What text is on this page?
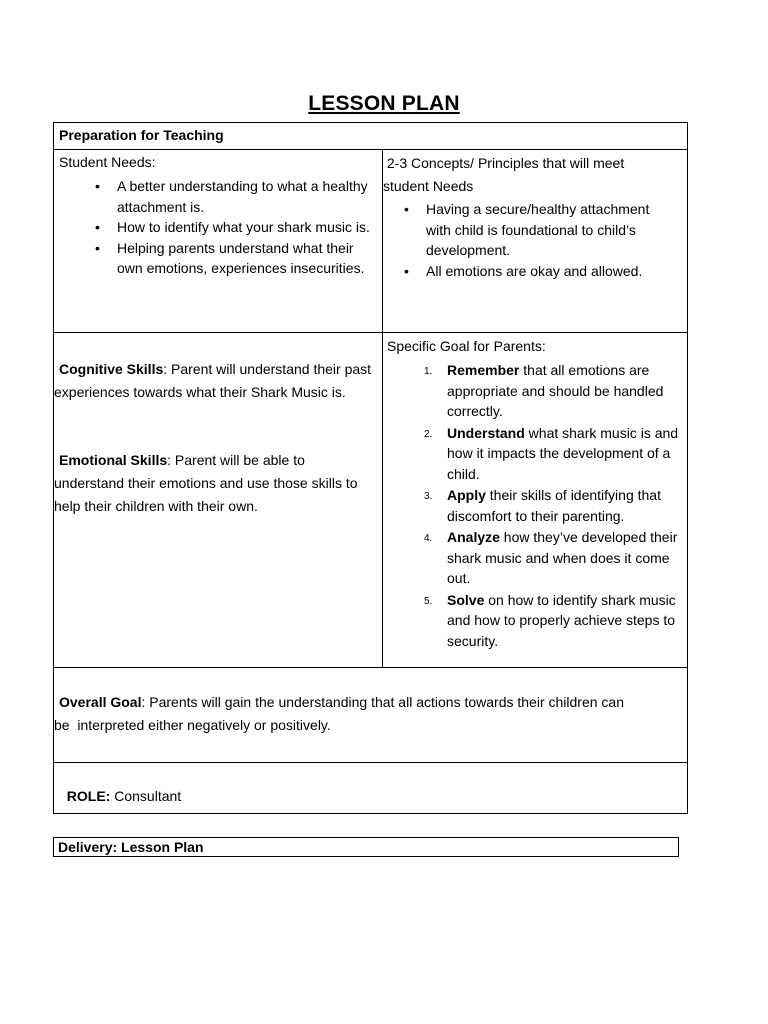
LESSON PLAN
Preparation for Teaching
Student Needs:
• A better understanding to what a healthy attachment is.
• How to identify what your shark music is.
• Helping parents understand what their own emotions, experiences insecurities.
2-3 Concepts/ Principles that will meet
student Needs
• Having a secure/healthy attachment with child is foundational to child’s development.
• All emotions are okay and allowed.
Cognitive Skills: Parent will understand their past experiences towards what their Shark Music is.
Emotional Skills: Parent will be able to understand their emotions and use those skills to help their children with their own.
Specific Goal for Parents:
1. Remember that all emotions are appropriate and should be handled correctly.
2. Understand what shark music is and how it impacts the development of a child.
3. Apply their skills of identifying that discomfort to their parenting.
4. Analyze how they’ve developed their shark music and when does it come out.
5. Solve on how to identify shark music and how to properly achieve steps to security.
Overall Goal: Parents will gain the understanding that all actions towards their children can
be  interpreted either negatively or positively.

ROLE: Consultant

Delivery: Lesson Plan
